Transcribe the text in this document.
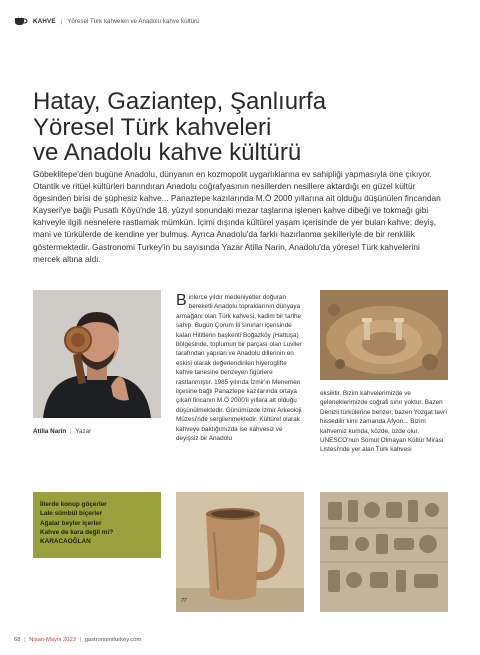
KAHVE | Yöresel Türk kahveleri ve Anadolu kahve kültürü
Hatay, Gaziantep, Şanlıurfa
Yöresel Türk kahveleri
ve Anadolu kahve kültürü

Göbeklitepe'den bugüne Anadolu, dünyanın en kozmopolit uygarlıklarına ev sahipliği yapmasıyla öne çıkıyor. Otantik ve ritüel kültürleri barındıran Anadolu coğrafyasının nesillerden nesillere aktardığı en güzel kültür ögesinden birisi de şüphesiz kahve... Panaztepe kazılarında M.Ö 2000 yıllarına ait olduğu düşünülen fincandan Kayseri'ye bağlı Pusatlı Köyü'nde 18. yüzyıl sonundaki mezar taşlarına işlenen kahve dibeği ve tokmağı gibi kahveyle ilgili nesnelere rastlamak mümkün. İçimi dışında kültürel yaşam içerisinde de yer bulan kahve; deyiş, mani ve türkülerde de kendine yer bulmuş. Ayrıca Anadolu'da farklı hazırlanma şekilleriyle de bir renklilik göstermektedir. Gastronomi Turkey'in bu sayısında Yazar Atilla Narin, Anadolu'da yöresel Türk kahvelerini mercek altına aldı.

Atilla Narin | Yazar

Binlerce yıldır medeniyetler doğuran bereketli Anadolu topraklarının dünyaya armağanı olan Türk kahvesi, kadim bir tarihe sahip. Bugün Çorum İli sınırları içerisinde kalan Hititlerin başkenti Boğazköy (Hattuşa) bölgesinde, toplumun bir parçası olan Luviler tarafından yapılan ve Anadolu dillerinin en eskisi olarak değerlendirilen hiyeroglifte kahve tanesine benzeyen figürlere rastlanmıştır. 1985 yılında İzmir'in Menemen ilçesine bağlı Panaztepe kazılarında ortaya çıkan fincanın M.Ö 2000'li yıllara ait olduğu düşünülmektedir. Günümüzde İzmir Arkeoloji Müzesi'nde sergilenmektedir. Kültürel olarak kahveye baktığımızda ise kahvesiz ve deyişsiz bir Anadolu

eksiktir. Bizim kahvelerimizde ve geleneklerimizde coğrafi sınır yoktur. Bazen Denizli türkülerine benzer, bazen Yozgat tavrı hissedilir kimi zamanda Afyon... Bizim kahvemiz kumda, közde, özde olur. UNESCO'nun Somut Olmayan Kültür Mirası Listesi'nde yer alan Türk kahvesi

İllerde konup göçerler
Lale sümbül biçerler
Ağalar beyler içerler
Kahve de kara değil mi?
KARACAOĞLAN
77
68 | Nisan-Mayıs 2023 | gastronomiturkey.com
